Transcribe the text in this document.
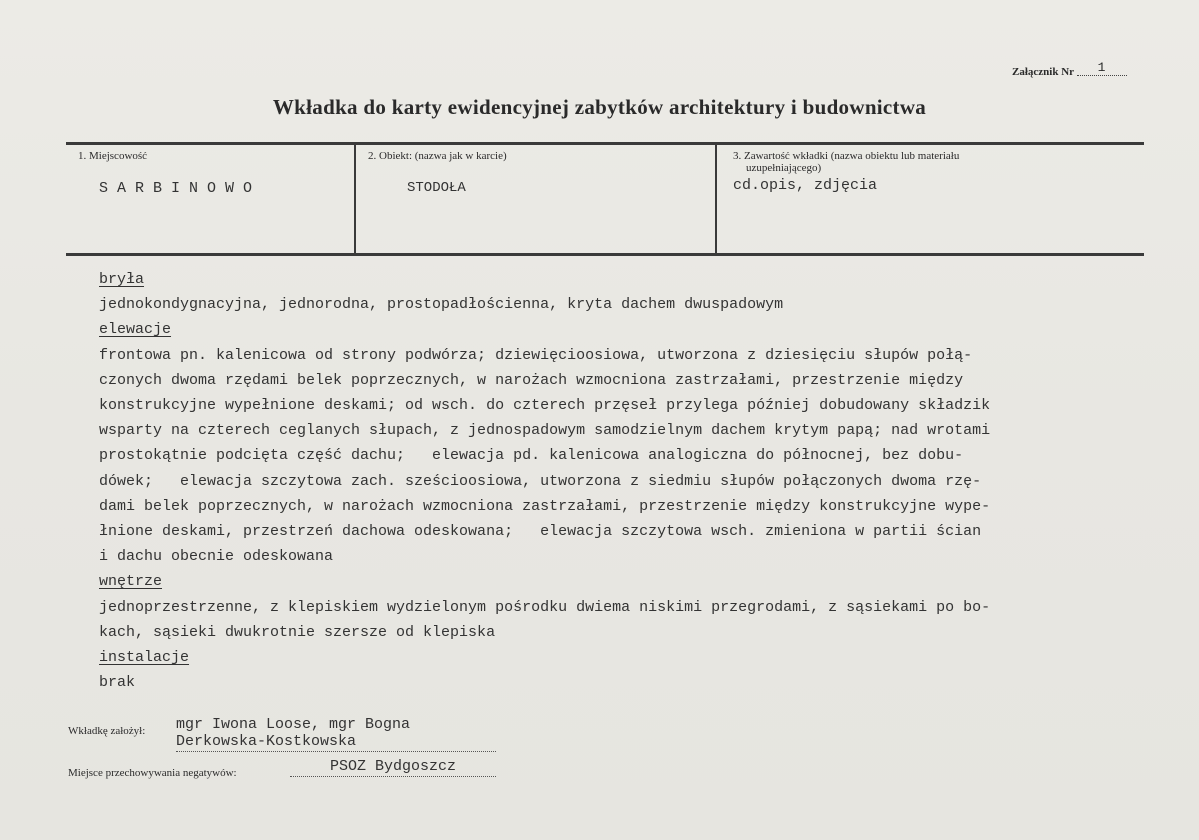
Załącznik Nr 1
Wkładka do karty ewidencyjnej zabytków architektury i budownictwa
1. Miejscowość
S A R B I N O W O
2. Obiekt: (nazwa jak w karcie)
STODOŁA
3. Zawartość wkładki (nazwa obiektu lub materiału
uzupełniającego)
cd.opis, zdjęcia
bryła
jednokondygnacyjna, jednorodna, prostopadłościenna, kryta dachem dwuspadowym
elewacje
frontowa pn. kalenicowa od strony podwórza; dziewięcioosiowa, utworzona z dziesięciu słupów połą-
czonych dwoma rzędami belek poprzecznych, w narożach wzmocniona zastrzałami, przestrzenie między
konstrukcyjne wypełnione deskami; od wsch. do czterech przęseł przylega później dobudowany składzik
wsparty na czterech ceglanych słupach, z jednospadowym samodzielnym dachem krytym papą; nad wrotami
prostokątnie podcięta część dachu;   elewacja pd. kalenicowa analogiczna do północnej, bez dobu-
dówek;   elewacja szczytowa zach. sześcioosiowa, utworzona z siedmiu słupów połączonych dwoma rzę-
dami belek poprzecznych, w narożach wzmocniona zastrzałami, przestrzenie między konstrukcyjne wype-
łnione deskami, przestrzeń dachowa odeskowana;   elewacja szczytowa wsch. zmieniona w partii ścian
i dachu obecnie odeskowana
wnętrze
jednoprzestrzenne, z klepiskiem wydzielonym pośrodku dwiema niskimi przegrodami, z sąsiekami po bo-
kach, sąsieki dwukrotnie szersze od klepiska
instalacje
brak
Wkładkę założył: mgr Iwona Loose, mgr Bogna Derkowska-Kostkowska
Miejsce przechowywania negatywów:	PSOZ Bydgoszcz
